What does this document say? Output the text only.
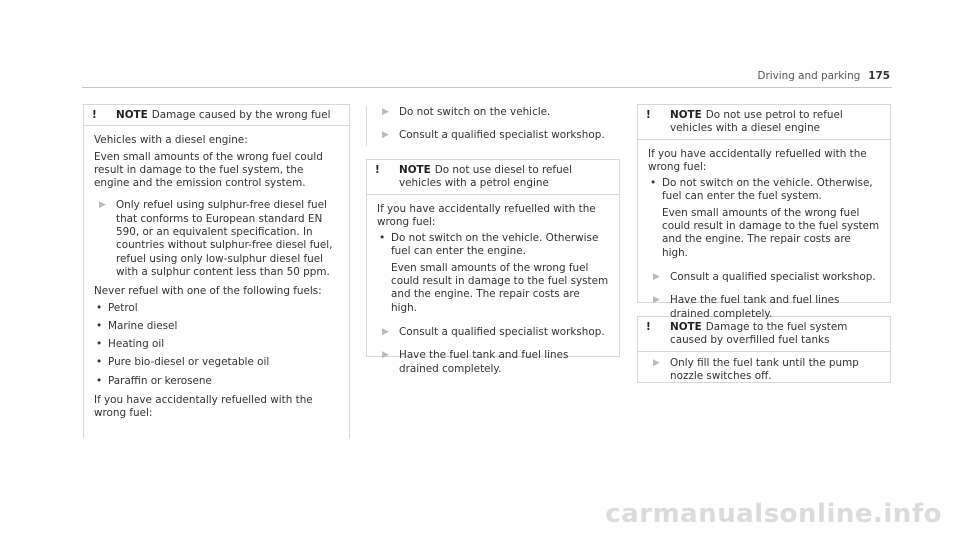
Driving and parking 175
!	NOTE Damage caused by the wrong fuel

Vehicles with a diesel engine:

Even small amounts of the wrong fuel could result in damage to the fuel system, the engine and the emission control system.

▶ Only refuel using sulphur-free diesel fuel that conforms to European standard EN 590, or an equivalent specification. In countries without sulphur-free diesel fuel, refuel using only low-sulphur diesel fuel with a sulphur content less than 50 ppm.

Never refuel with one of the following fuels:

• Petrol
• Marine diesel
• Heating oil
• Pure bio-diesel or vegetable oil
• Paraffin or kerosene

If you have accidentally refuelled with the wrong fuel:

▶ Do not switch on the vehicle.
▶ Consult a qualified specialist workshop.
!	NOTE Do not use diesel to refuel vehicles with a petrol engine

If you have accidentally refuelled with the wrong fuel:

• Do not switch on the vehicle. Otherwise fuel can enter the engine.

Even small amounts of the wrong fuel could result in damage to the fuel system and the engine. The repair costs are high.

▶ Consult a qualified specialist workshop.
▶ Have the fuel tank and fuel lines drained completely.
!	NOTE Do not use petrol to refuel vehicles with a diesel engine

If you have accidentally refuelled with the wrong fuel:

• Do not switch on the vehicle. Otherwise, fuel can enter the fuel system.

Even small amounts of the wrong fuel could result in damage to the fuel system and the engine. The repair costs are high.

▶ Consult a qualified specialist workshop.
▶ Have the fuel tank and fuel lines drained completely.
!	NOTE Damage to the fuel system caused by overfilled fuel tanks
▶ Only fill the fuel tank until the pump nozzle switches off.
carmanualsonline.info
